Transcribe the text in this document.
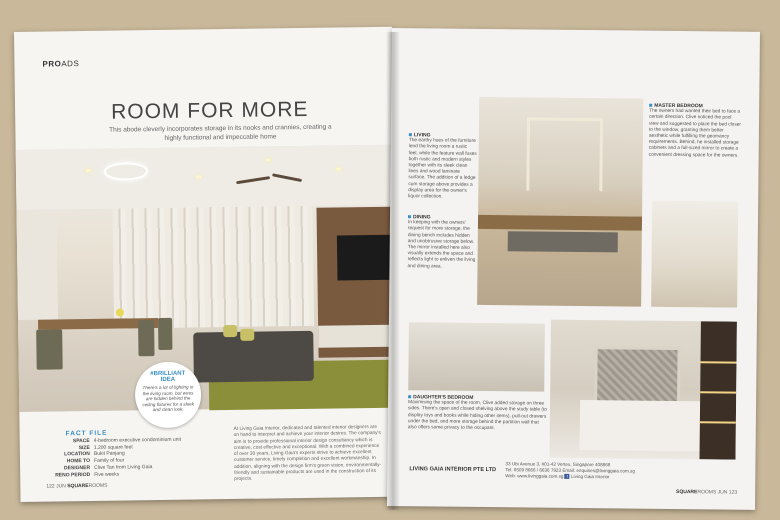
PROADS
ROOM FOR MORE
This abode cleverly incorporates storage in its nooks and crannies, creating a highly functional and impeccable home
#BRILLIANT
IDEA
There's a lot of lighting in the living room, but wires are hidden behind the ceiling fixtures for a sleek and clean look.
FACT FILE
SPACE 4-bedroom executive condominium unit
SIZE 1,200 square feet
LOCATION Bukit Panjang
HOME TO Family of four
DESIGNER Clive Tan from Living Gaia
RENO PERIOD Five weeks
At Living Gaia Interior, dedicated and talented interior designers are on hand to interpret and achieve your interior desires. The company's aim is to provide professional interior design consultancy which is creative, cost effective and exceptional. With a combined experience of over 30 years, Living Gaia's experts strive to achieve excellent customer service, timely completion and excellent workmanship. In addition, aligning with the design firm's green vision, environmentally-friendly and sustainable products are used in the construction of its projects.
122 JUN SQUAREROOMS
LIVING
The earthy hues of the furniture lend the living room a rustic feel, while the feature wall fuses both rustic and modern styles together with its sleek clean lines and wood laminate surface. The addition of a ledge cum storage above provides a display area for the owner's liquor collection.
DINING
In keeping with the owners' request for more storage, the dining bench includes hidden and unobtrusive storage below. The mirror installed here also visually extends the space and reflects light to enliven the living and dining area.
MASTER BEDROOM
The owners had wanted their bed to face a certain direction. Clive noticed the pool view and suggested to place the bed closer to the window, granting them better aesthetic while fulfilling the geomancy requirements. Behind, he installed storage cabinets and a full-sized mirror to create a convenient dressing space for the owners.
DAUGHTER'S BEDROOM
Maximising the space of the room, Clive added storage on three sides. There's open and closed shelving above the study table (to display toys and books while hiding other items), pull-out drawers under the bed, and more storage behind the partition wall that also offers some privacy to the occupant.
LIVING GAIA INTERIOR PTE LTD
33 Ubi Avenue 3, #01-42 Vertex, Singapore 408868
Tel: 6509 8666 / 6636 7923 Email: enquiries@livinggaia.com.sg
Web: www.livinggaia.com.sg f Living Gaia Interior
SQUAREROOMS JUN 123
